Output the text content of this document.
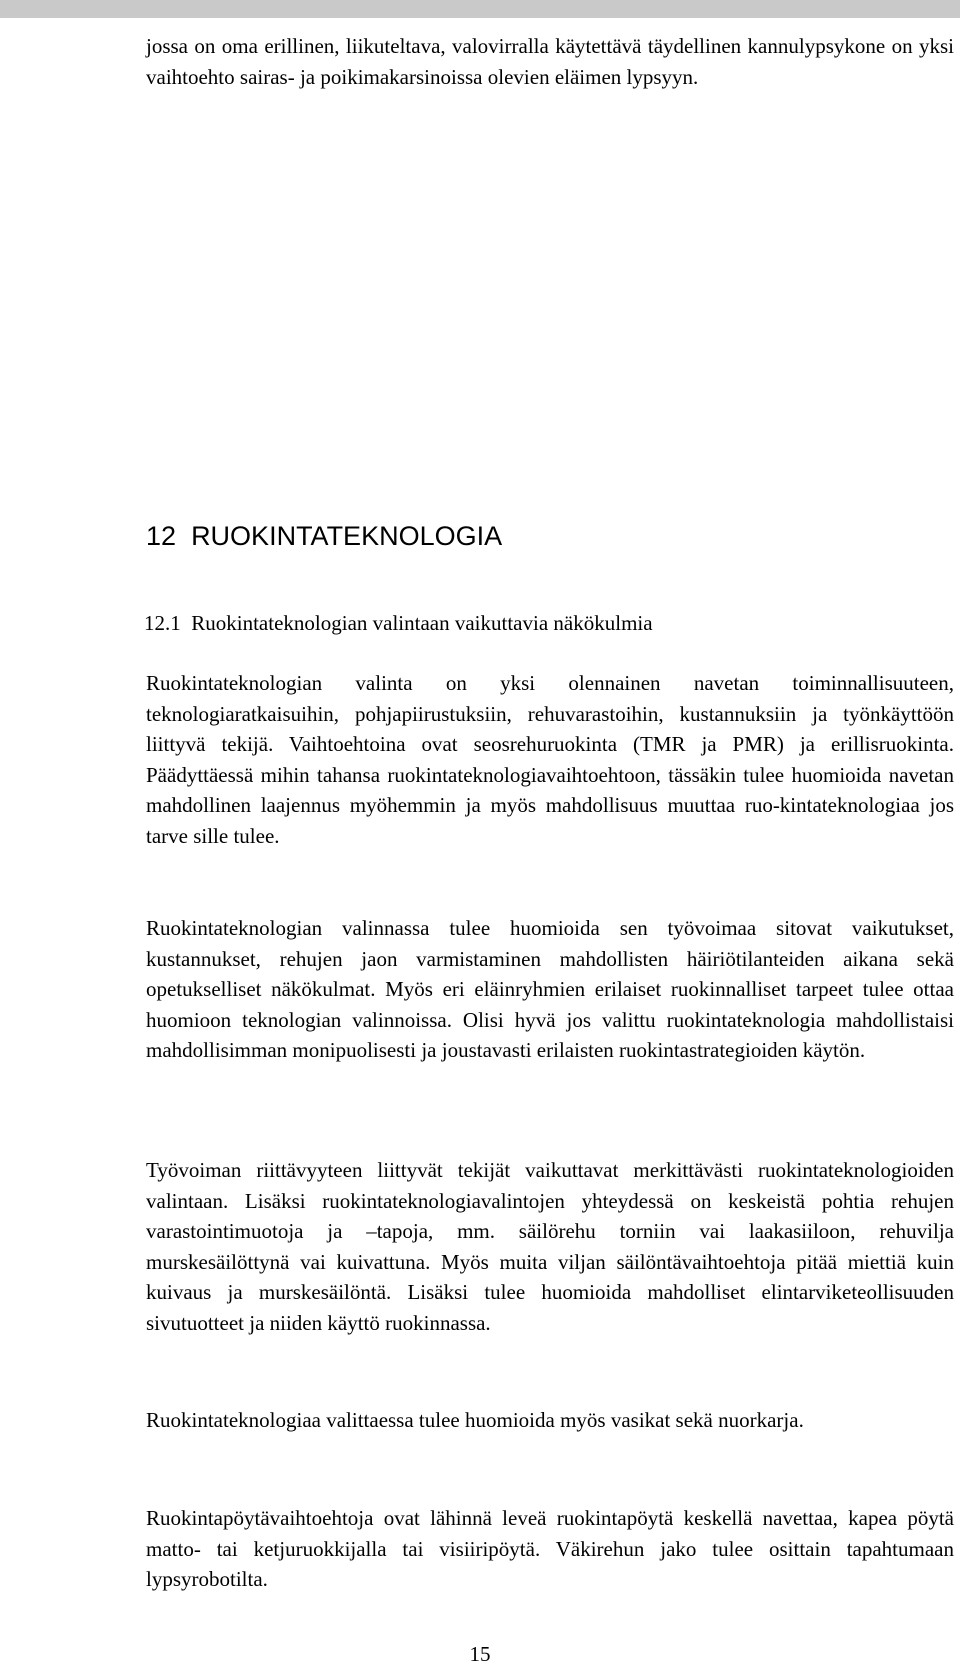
jossa on oma erillinen, liikuteltava, valovirralla käytettävä täydellinen kannulypsykone on yksi vaihtoehto sairas- ja poikimakarsinoissa olevien eläimen lypsyyn.

12 RUOKINTATEKNOLOGIA
12.1 Ruokintateknologian valintaan vaikuttavia näkökulmia

Ruokintateknologian valinta on yksi olennainen navetan toiminnallisuuteen, teknologiaratkaisuihin, pohjapiirustuksiin, rehuvarastoihin, kustannuksiin ja työnkäyttöön liittyvä tekijä. Vaihtoehtoina ovat seosrehuruokinta (TMR ja PMR) ja erillisruokinta. Päädyttäessä mihin tahansa ruokintateknologiavaihtoehtoon, tässäkin tulee huomioida navetan mahdollinen laajennus myöhemmin ja myös mahdollisuus muuttaa ruo-kintateknologiaa jos tarve sille tulee.

Ruokintateknologian valinnassa tulee huomioida sen työvoimaa sitovat vaikutukset, kustannukset, rehujen jaon varmistaminen mahdollisten häiriötilanteiden aikana sekä opetukselliset näkökulmat. Myös eri eläinryhmien erilaiset ruokinnalliset tarpeet tulee ottaa huomioon teknologian valinnoissa. Olisi hyvä jos valittu ruokintateknologia mahdollistaisi mahdollisimman monipuolisesti ja joustavasti erilaisten ruokintastrategioiden käytön.

Työvoiman riittävyyteen liittyvät tekijät vaikuttavat merkittävästi ruokintateknologioiden valintaan. Lisäksi ruokintateknologiavalintojen yhteydessä on keskeistä pohtia rehujen varastointimuotoja ja –tapoja, mm. säilörehu torniin vai laakasiiloon, rehuvilja murskesäilöttynä vai kuivattuna. Myös muita viljan säilöntävaihtoehtoja pitää miettiä kuin kuivaus ja murskesäilöntä. Lisäksi tulee huomioida mahdolliset elintarviketeollisuuden sivutuotteet ja niiden käyttö ruokinnassa.

Ruokintateknologiaa valittaessa tulee huomioida myös vasikat sekä nuorkarja.

Ruokintapöytävaihtoehtoja ovat lähinnä leveä ruokintapöytä keskellä navettaa, kapea pöytä matto- tai ketjuruokkijalla tai visiiripöytä. Väkirehun jako tulee osittain tapahtumaan lypsyrobotilta.

15
